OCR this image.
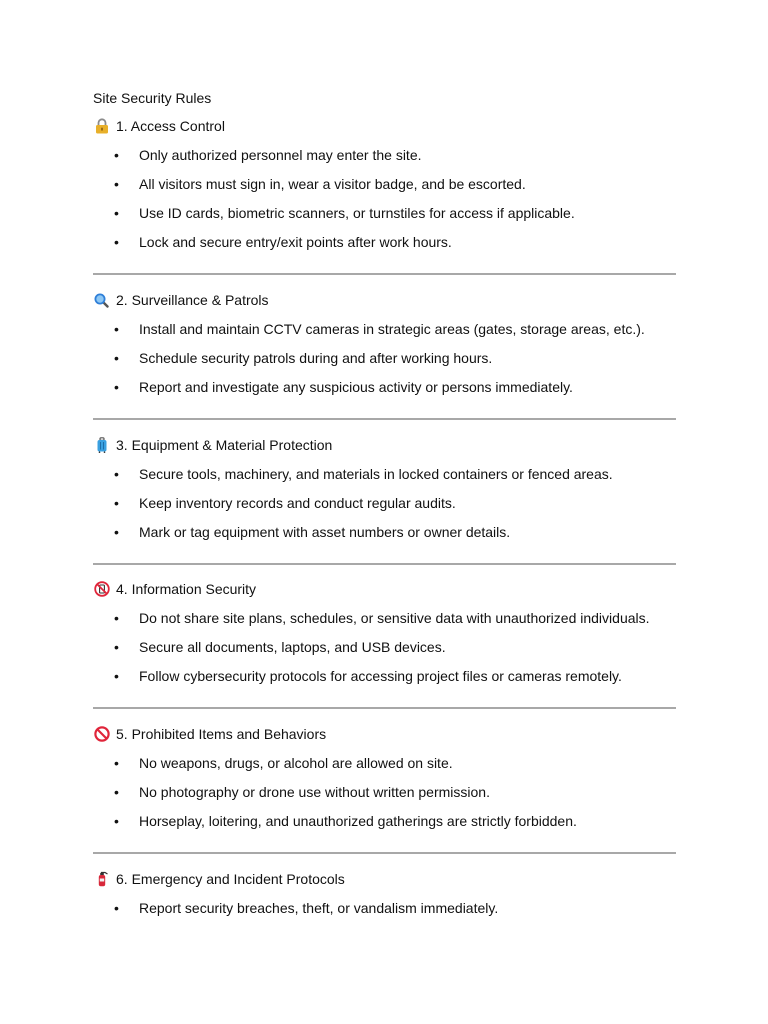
Site Security Rules
1. Access Control
•	Only authorized personnel may enter the site.
•	All visitors must sign in, wear a visitor badge, and be escorted.
•	Use ID cards, biometric scanners, or turnstiles for access if applicable.
•	Lock and secure entry/exit points after work hours.
2. Surveillance & Patrols
•	Install and maintain CCTV cameras in strategic areas (gates, storage areas, etc.).
•	Schedule security patrols during and after working hours.
•	Report and investigate any suspicious activity or persons immediately.
3. Equipment & Material Protection
•	Secure tools, machinery, and materials in locked containers or fenced areas.
•	Keep inventory records and conduct regular audits.
•	Mark or tag equipment with asset numbers or owner details.
4. Information Security
•	Do not share site plans, schedules, or sensitive data with unauthorized individuals.
•	Secure all documents, laptops, and USB devices.
•	Follow cybersecurity protocols for accessing project files or cameras remotely.
5. Prohibited Items and Behaviors
•	No weapons, drugs, or alcohol are allowed on site.
•	No photography or drone use without written permission.
•	Horseplay, loitering, and unauthorized gatherings are strictly forbidden.
6. Emergency and Incident Protocols
•	Report security breaches, theft, or vandalism immediately.
